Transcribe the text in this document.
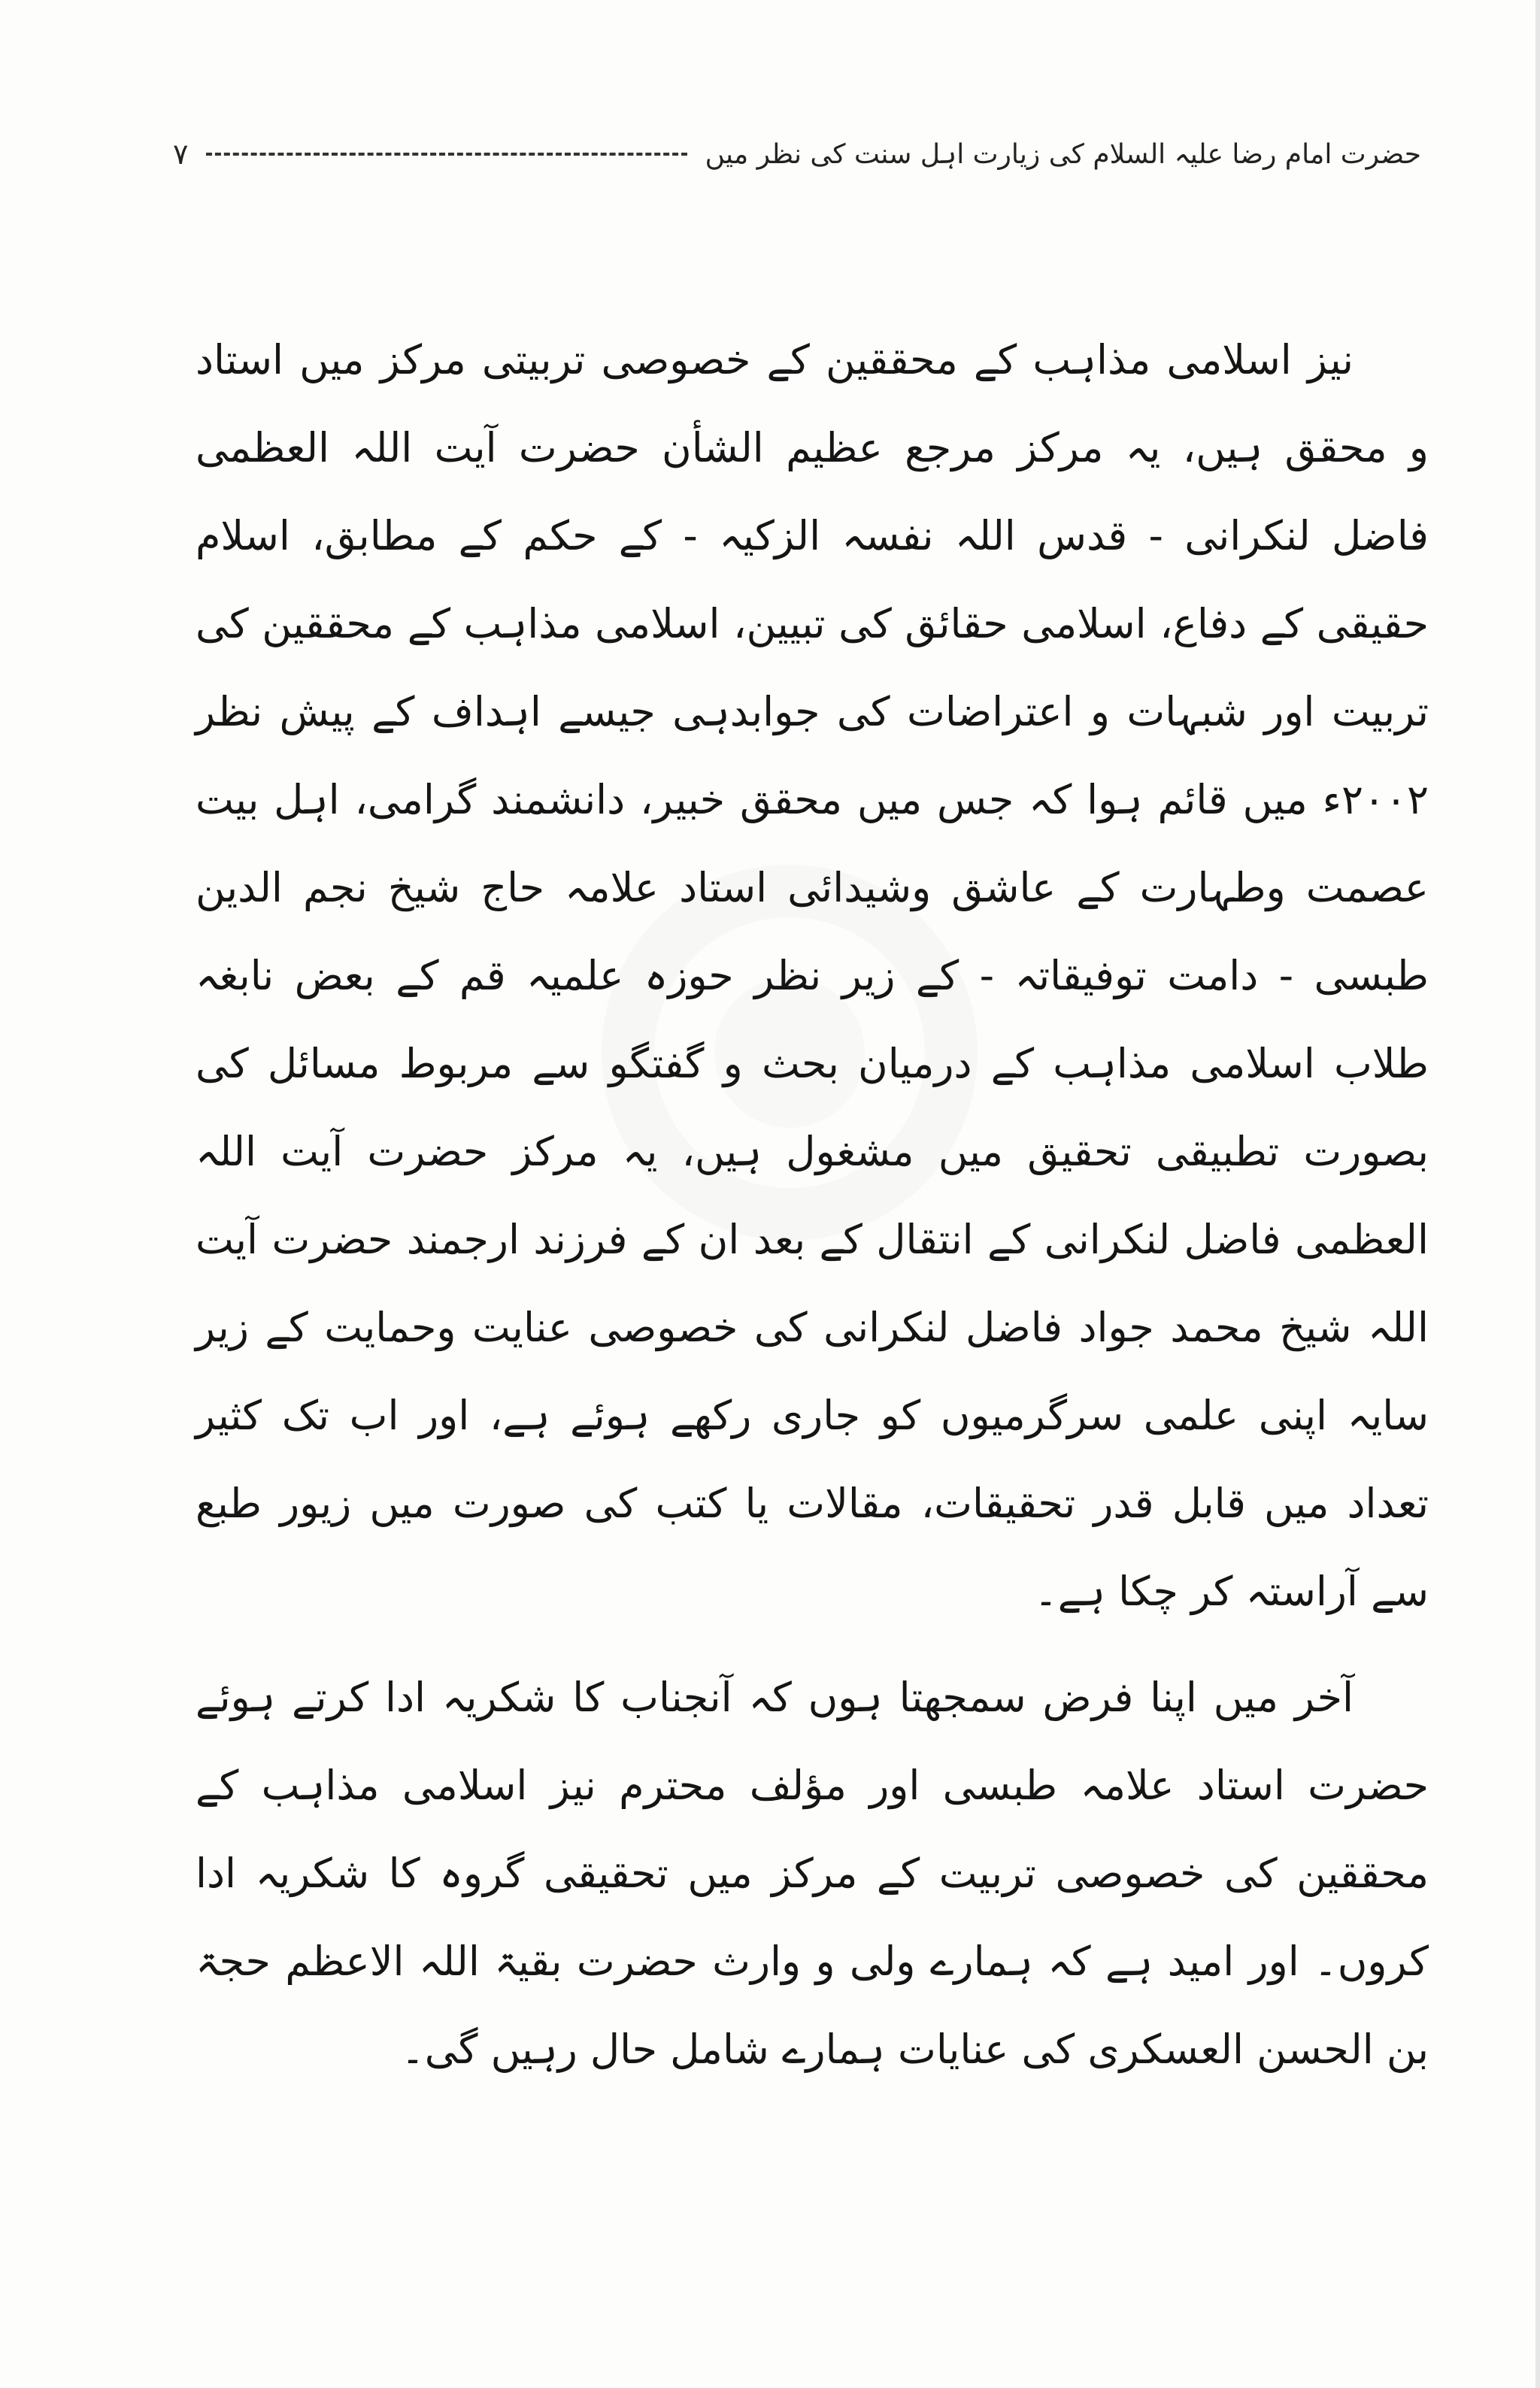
حضرت امام رضا علیہ السلام کی زیارت اہل سنت کی نظر میں
۷

نیز اسلامی مذاہب کے محققین کے خصوصی تربیتی مرکز میں استاد و محقق ہیں، یہ مرکز مرجع عظیم الشأن حضرت آیت اللہ العظمی فاضل لنکرانی - قدس اللہ نفسہ الزکیہ - کے حکم کے مطابق، اسلام حقیقی کے دفاع، اسلامی حقائق کی تبیین، اسلامی مذاہب کے محققین کی تربیت اور شبہات و اعتراضات کی جوابدہی جیسے اہداف کے پیش نظر ۲۰۰۲ء میں قائم ہوا کہ جس میں محقق خبیر، دانشمند گرامی، اہل بیت عصمت وطہارت کے عاشق وشیدائی استاد علامہ حاج شیخ نجم الدین طبسی - دامت توفیقاتہ - کے زیر نظر حوزہ علمیہ قم کے بعض نابغہ طلاب اسلامی مذاہب کے درمیان بحث و گفتگو سے مربوط مسائل کی بصورت تطبیقی تحقیق میں مشغول ہیں، یہ مرکز حضرت آیت اللہ العظمی فاضل لنکرانی کے انتقال کے بعد ان کے فرزند ارجمند حضرت آیت اللہ شیخ محمد جواد فاضل لنکرانی کی خصوصی عنایت وحمایت کے زیر سایہ اپنی علمی سرگرمیوں کو جاری رکھے ہوئے ہے، اور اب تک کثیر تعداد میں قابل قدر تحقیقات، مقالات یا کتب کی صورت میں زیور طبع سے آراستہ کر چکا ہے۔

آخر میں اپنا فرض سمجھتا ہوں کہ آنجناب کا شکریہ ادا کرتے ہوئے حضرت استاد علامہ طبسی اور مؤلف محترم نیز اسلامی مذاہب کے محققین کی خصوصی تربیت کے مرکز میں تحقیقی گروہ کا شکریہ ادا کروں۔ اور امید ہے کہ ہمارے ولی و وارث حضرت بقیۃ اللہ الاعظم حجۃ بن الحسن العسکری کی عنایات ہمارے شامل حال رہیں گی۔
